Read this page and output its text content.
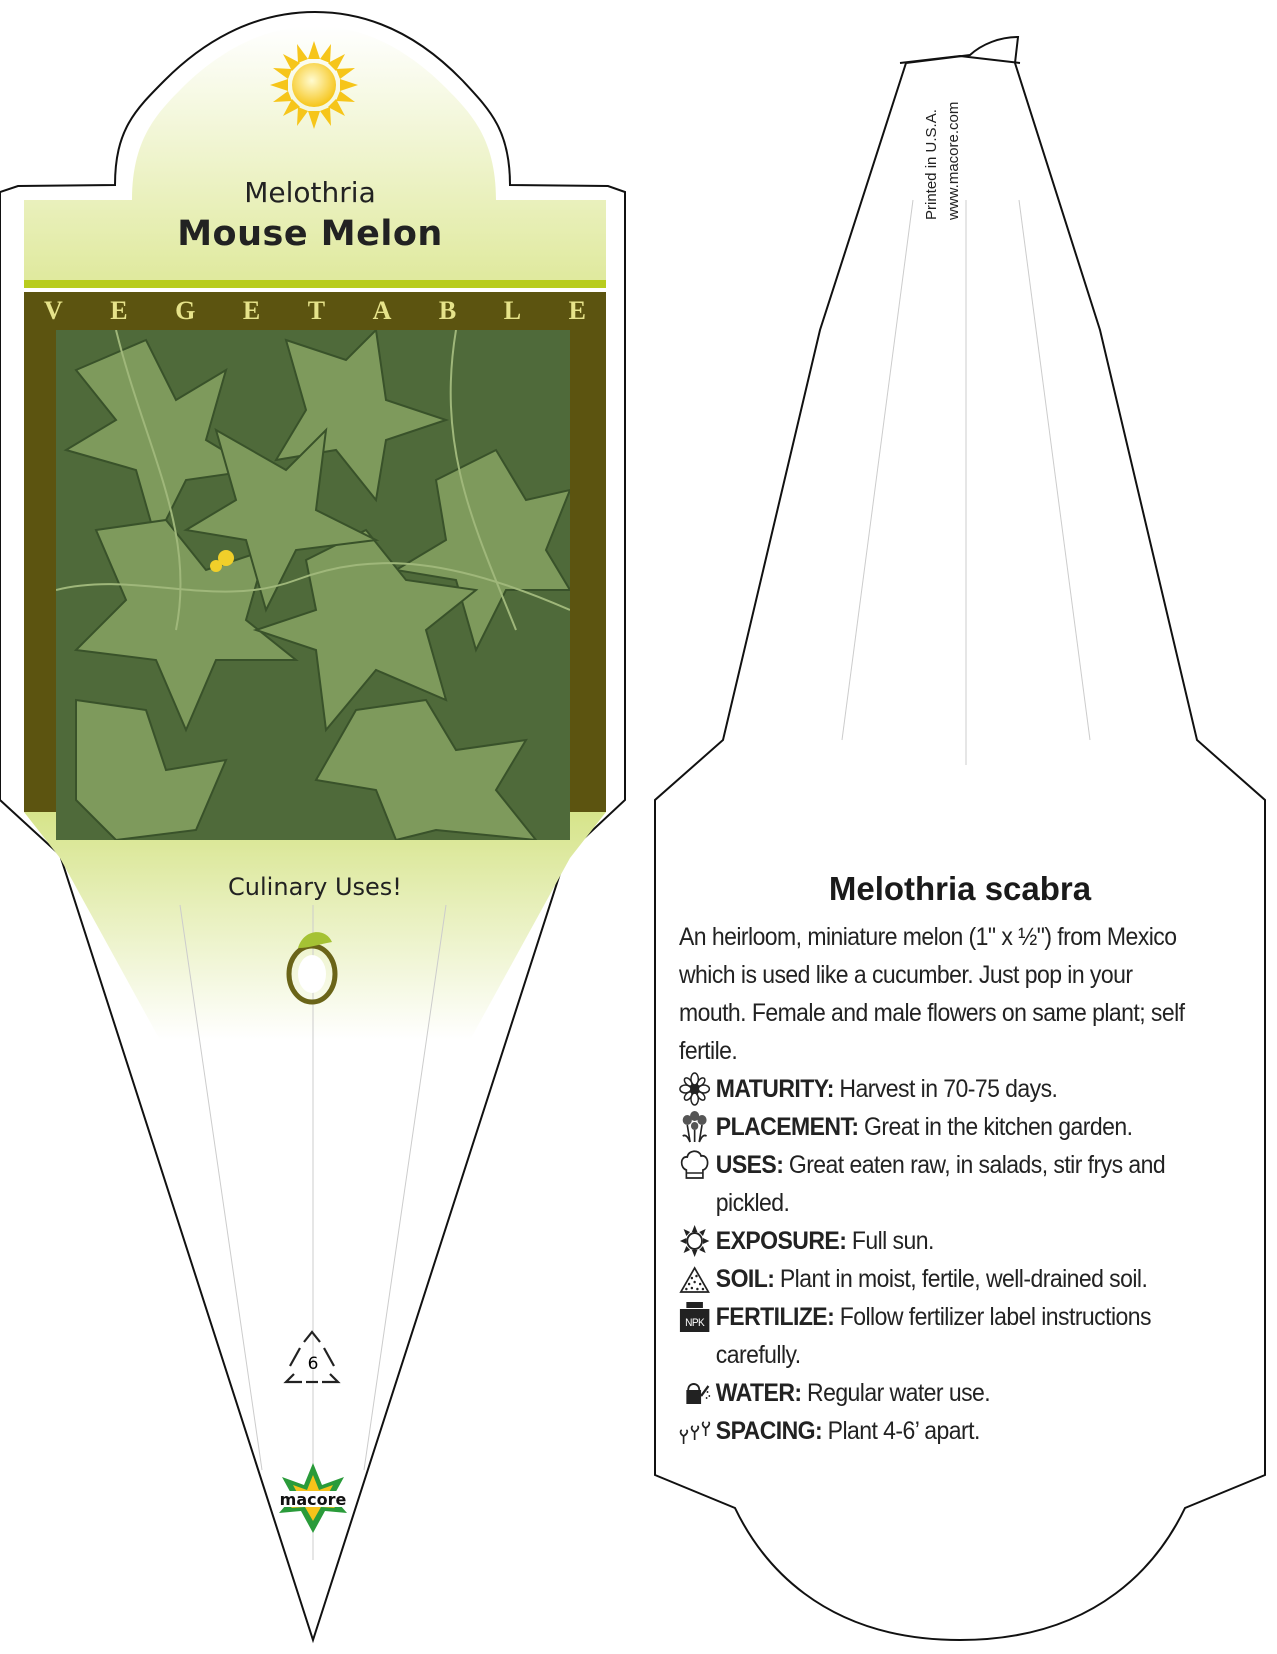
Melothria
Mouse Melon
V E G E T A B L E
Culinary Uses!
6
macore
Printed in U.S.A. www.macore.com
Melothria scabra

An heirloom, miniature melon (1" x ½") from Mexico which is used like a cucumber. Just pop in your mouth. Female and male flowers on same plant; self fertile.

MATURITY: Harvest in 70-75 days.
PLACEMENT: Great in the kitchen garden.
USES: Great eaten raw, in salads, stir frys and pickled.
EXPOSURE: Full sun.
SOIL: Plant in moist, fertile, well-drained soil.
NPK FERTILIZE: Follow fertilizer label instructions carefully.
WATER: Regular water use.
SPACING: Plant 4-6’ apart.
